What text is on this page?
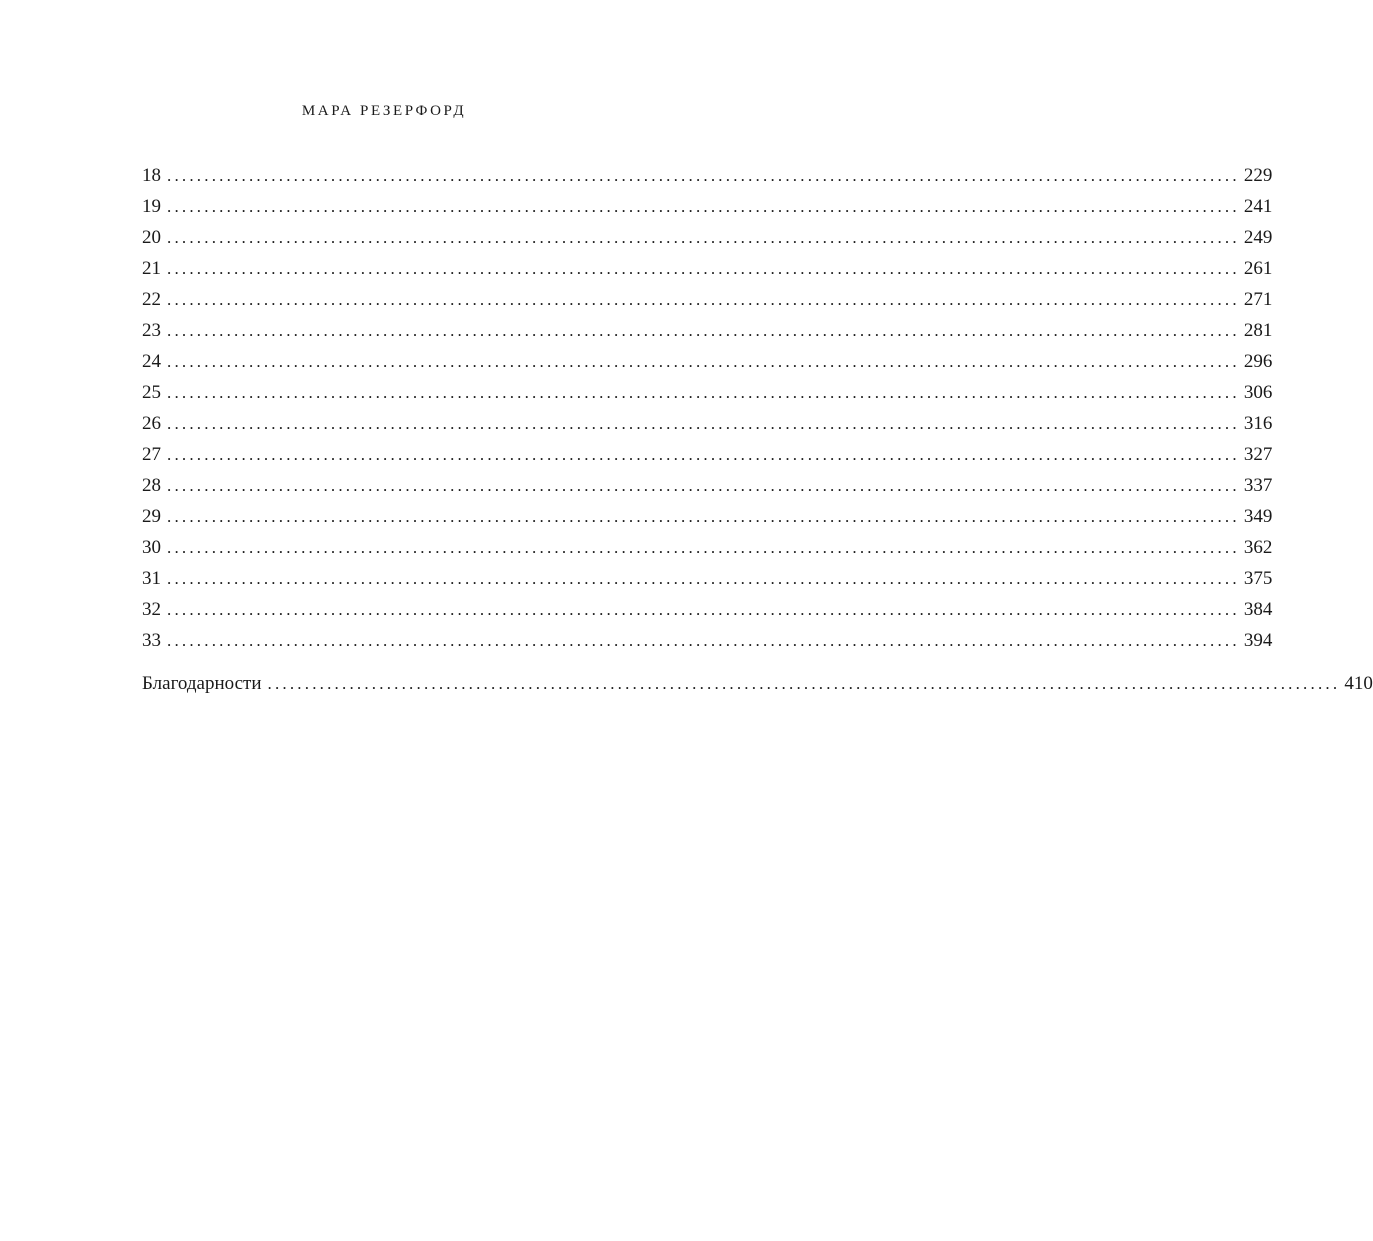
МАРА РЕЗЕРФОРД
18 ................................................................................................................................................ 229
19 ................................................................................................................................................ 241
20 ................................................................................................................................................ 249
21 ................................................................................................................................................ 261
22 ................................................................................................................................................ 271
23 ................................................................................................................................................ 281
24 ................................................................................................................................................ 296
25 ................................................................................................................................................ 306
26 ................................................................................................................................................ 316
27 ................................................................................................................................................ 327
28 ................................................................................................................................................ 337
29 ................................................................................................................................................ 349
30 ................................................................................................................................................ 362
31 ................................................................................................................................................ 375
32 ................................................................................................................................................ 384
33 ................................................................................................................................................ 394
Благодарности ................................................................................................................................................ 410
